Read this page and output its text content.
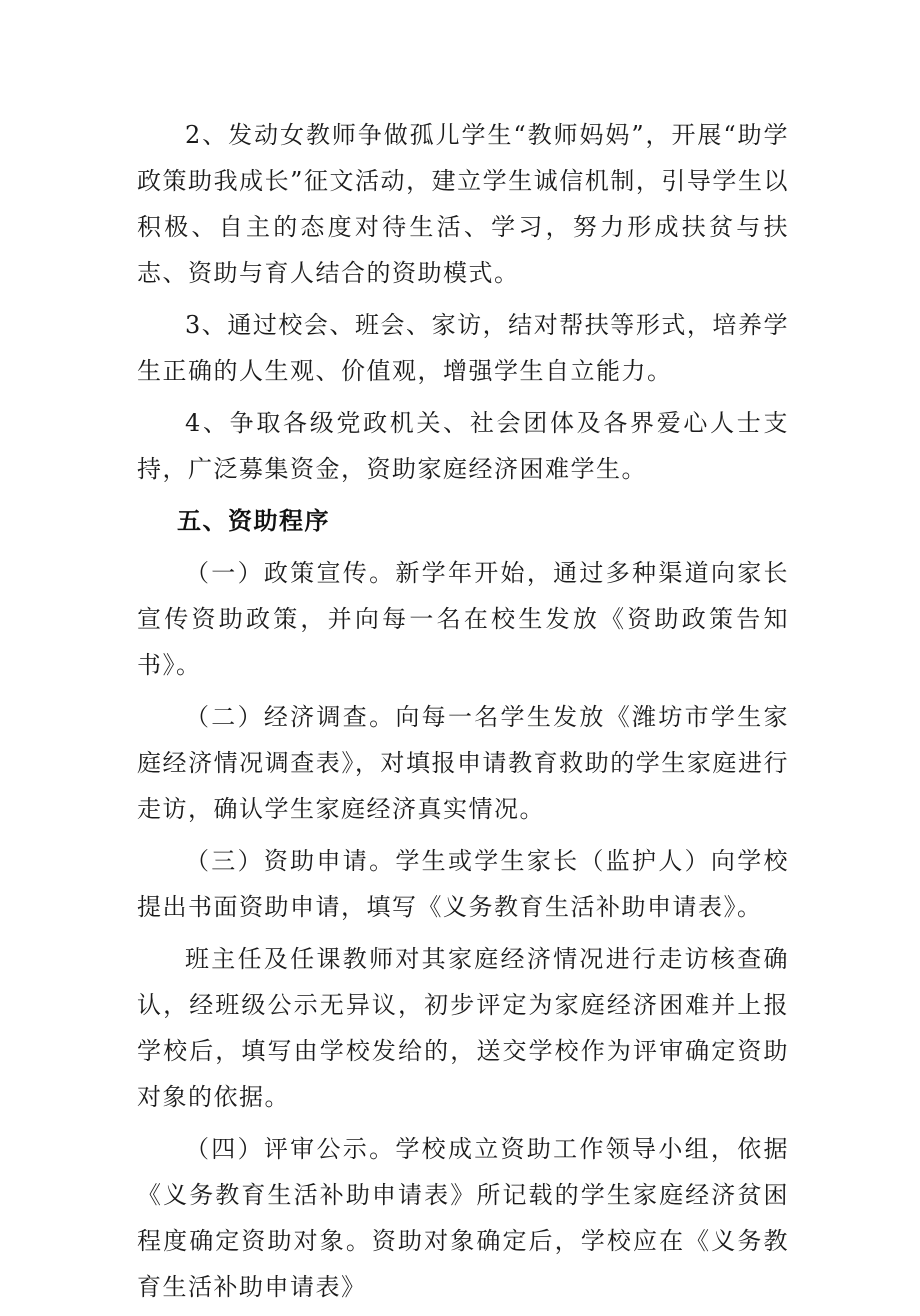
2、发动女教师争做孤儿学生“教师妈妈”，开展“助学政策助我成长”征文活动，建立学生诚信机制，引导学生以积极、自主的态度对待生活、学习，努力形成扶贫与扶志、资助与育人结合的资助模式。

3、通过校会、班会、家访，结对帮扶等形式，培养学生正确的人生观、价值观，增强学生自立能力。

4、争取各级党政机关、社会团体及各界爱心人士支持，广泛募集资金，资助家庭经济困难学生。

五、资助程序

（一）政策宣传。新学年开始，通过多种渠道向家长宣传资助政策，并向每一名在校生发放《资助政策告知书》。

（二）经济调查。向每一名学生发放《潍坊市学生家庭经济情况调查表》，对填报申请教育救助的学生家庭进行走访，确认学生家庭经济真实情况。

（三）资助申请。学生或学生家长（监护人）向学校提出书面资助申请，填写《义务教育生活补助申请表》。

班主任及任课教师对其家庭经济情况进行走访核查确认，经班级公示无异议，初步评定为家庭经济困难并上报学校后，填写由学校发给的，送交学校作为评审确定资助对象的依据。

（四）评审公示。学校成立资助工作领导小组，依据《义务教育生活补助申请表》所记载的学生家庭经济贫困程度确定资助对象。资助对象确定后，学校应在《义务教育生活补助申请表》
